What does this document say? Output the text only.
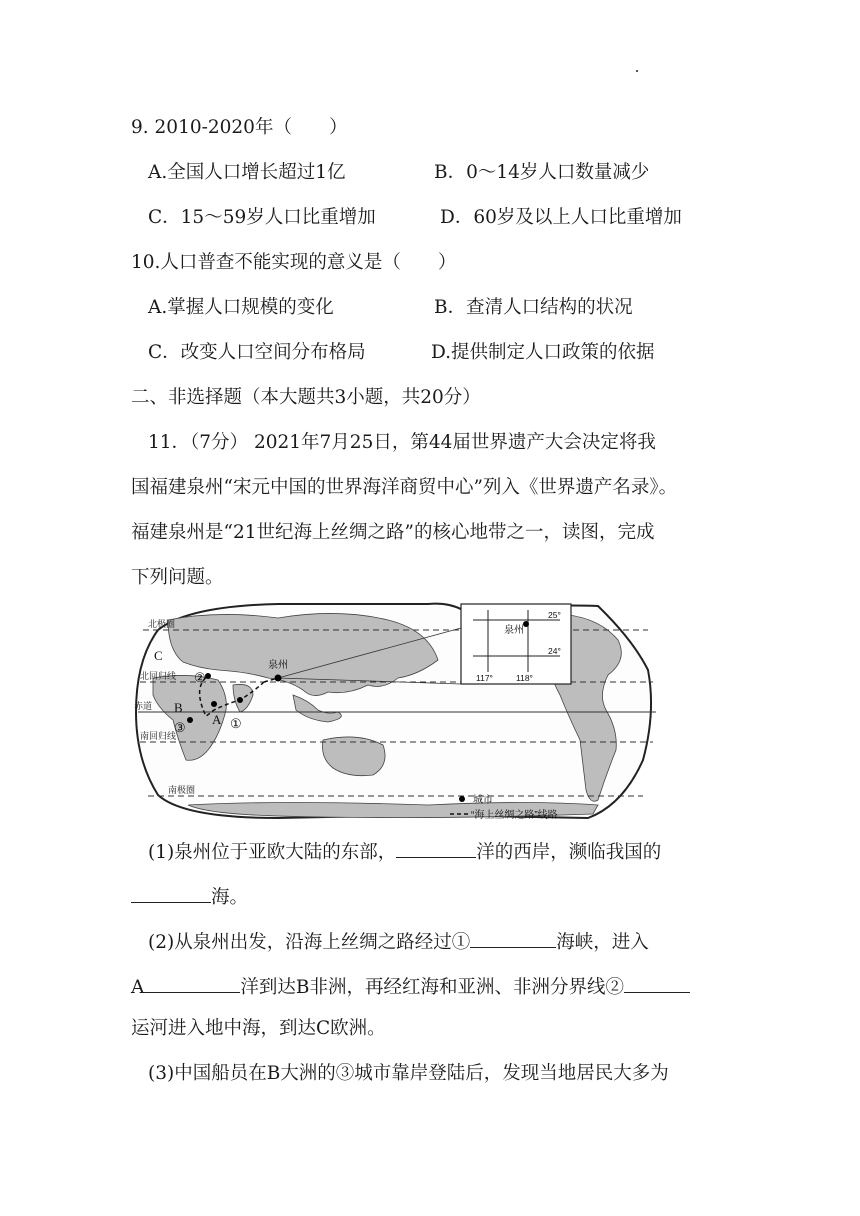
9. 2010-2020年（　　）
A.全国人口增长超过1亿	B．0～14岁人口数量减少
C．15～59岁人口比重增加	D．60岁及以上人口比重增加
10.人口普查不能实现的意义是（　　）
A.掌握人口规模的变化	B．查清人口结构的状况
C．改变人口空间分布格局	D.提供制定人口政策的依据
二、非选择题（本大题共3小题，共20分）
11．（7分） 2021年7月25日，第44届世界遗产大会决定将我
国福建泉州“宋元中国的世界海洋商贸中心”列入《世界遗产名录》。
福建泉州是“21世纪海上丝绸之路”的核心地带之一，读图，完成
下列问题。
北极圈
北回归线
赤道
南回归线
南极圈
泉州
A
B
C
①
②
③
泉州
25°
24°
117°	118°
城市
“海上丝绸之路”线路
(1)泉州位于亚欧大陆的东部，	洋的西岸，濒临我国的
海。
(2)从泉州出发，沿海上丝绸之路经过①	海峡，进入
A	洋到达B非洲，再经红海和亚洲、非洲分界线②
运河进入地中海，到达C欧洲。
(3)中国船员在B大洲的③城市靠岸登陆后，发现当地居民大多为
